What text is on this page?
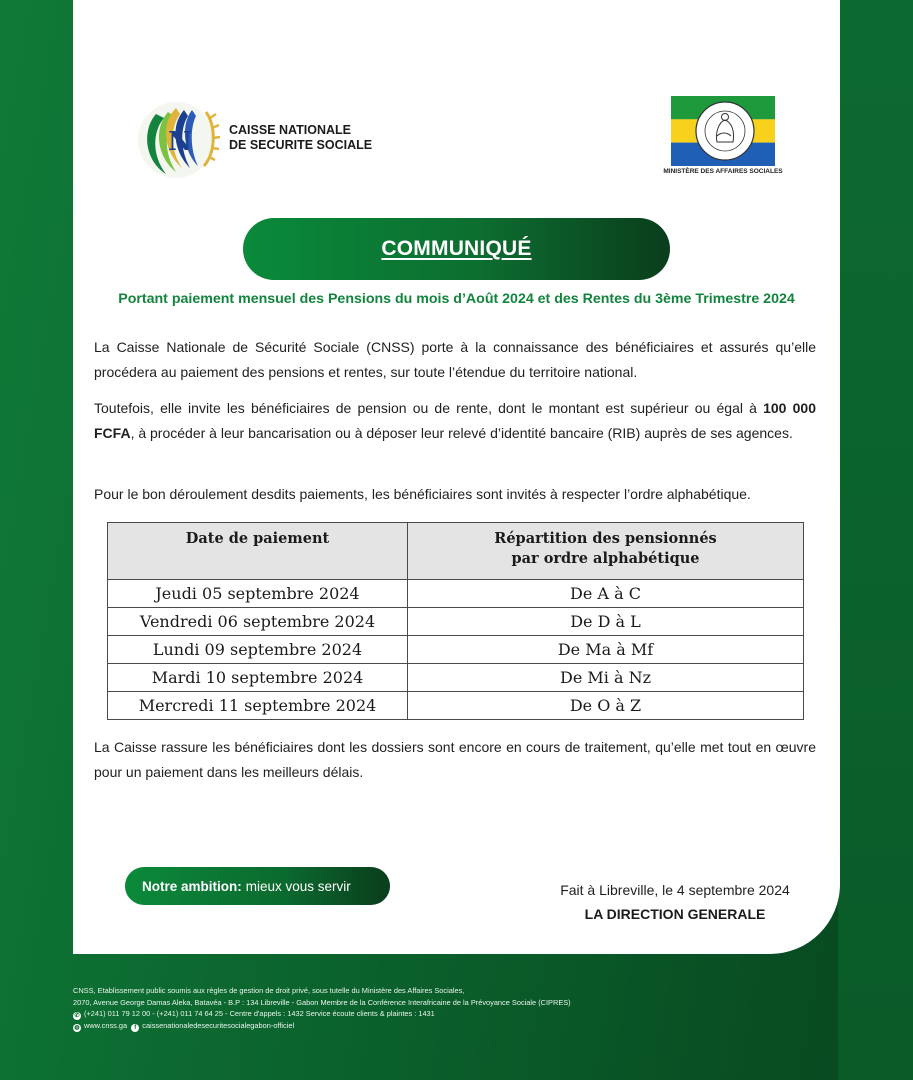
N	CAISSE NATIONALE
DE SECURITE SOCIALE
MINISTÈRE DES AFFAIRES SOCIALES
COMMUNIQUÉ
Portant paiement mensuel des Pensions du mois d’Août 2024 et des Rentes du 3ème Trimestre 2024

La Caisse Nationale de Sécurité Sociale (CNSS) porte à la connaissance des bénéficiaires et assurés qu’elle procédera au paiement des pensions et rentes, sur toute l’étendue du territoire national.

Toutefois, elle invite les bénéficiaires de pension ou de rente, dont le montant est supérieur ou égal à 100 000 FCFA, à procéder à leur bancarisation ou à déposer leur relevé d’identité bancaire (RIB) auprès de ses agences.

Pour le bon déroulement desdits paiements, les bénéficiaires sont invités à respecter l’ordre alphabétique.

Date de paiement	Répartition des pensionnés
par ordre alphabétique

Jeudi 05 septembre 2024	De A à C
Vendredi 06 septembre 2024	De D à L
Lundi 09 septembre 2024	De Ma à Mf
Mardi 10 septembre 2024	De Mi à Nz
Mercredi 11 septembre 2024	De O à Z

La Caisse rassure les bénéficiaires dont les dossiers sont encore en cours de traitement, qu’elle met tout en œuvre pour un paiement dans les meilleurs délais.

Notre ambition: mieux vous servir	Fait à Libreville, le 4 septembre 2024
LA DIRECTION GENERALE
CNSS, Etablissement public soumis aux règles de gestion de droit privé, sous tutelle du Ministère des Affaires Sociales,
2070, Avenue George Damas Aleka, Batavéa - B.P : 134 Libreville - Gabon Membre de la Conférence Interafricaine de la Prévoyance Sociale (CIPRES)
✆ (+241) 011 79 12 00 - (+241) 011 74 64 25 - Centre d'appels : 1432 Service écoute clients & plaintes : 1431
◍ www.cnss.ga f caissenationaledesecuritesocialegabon-officiel
